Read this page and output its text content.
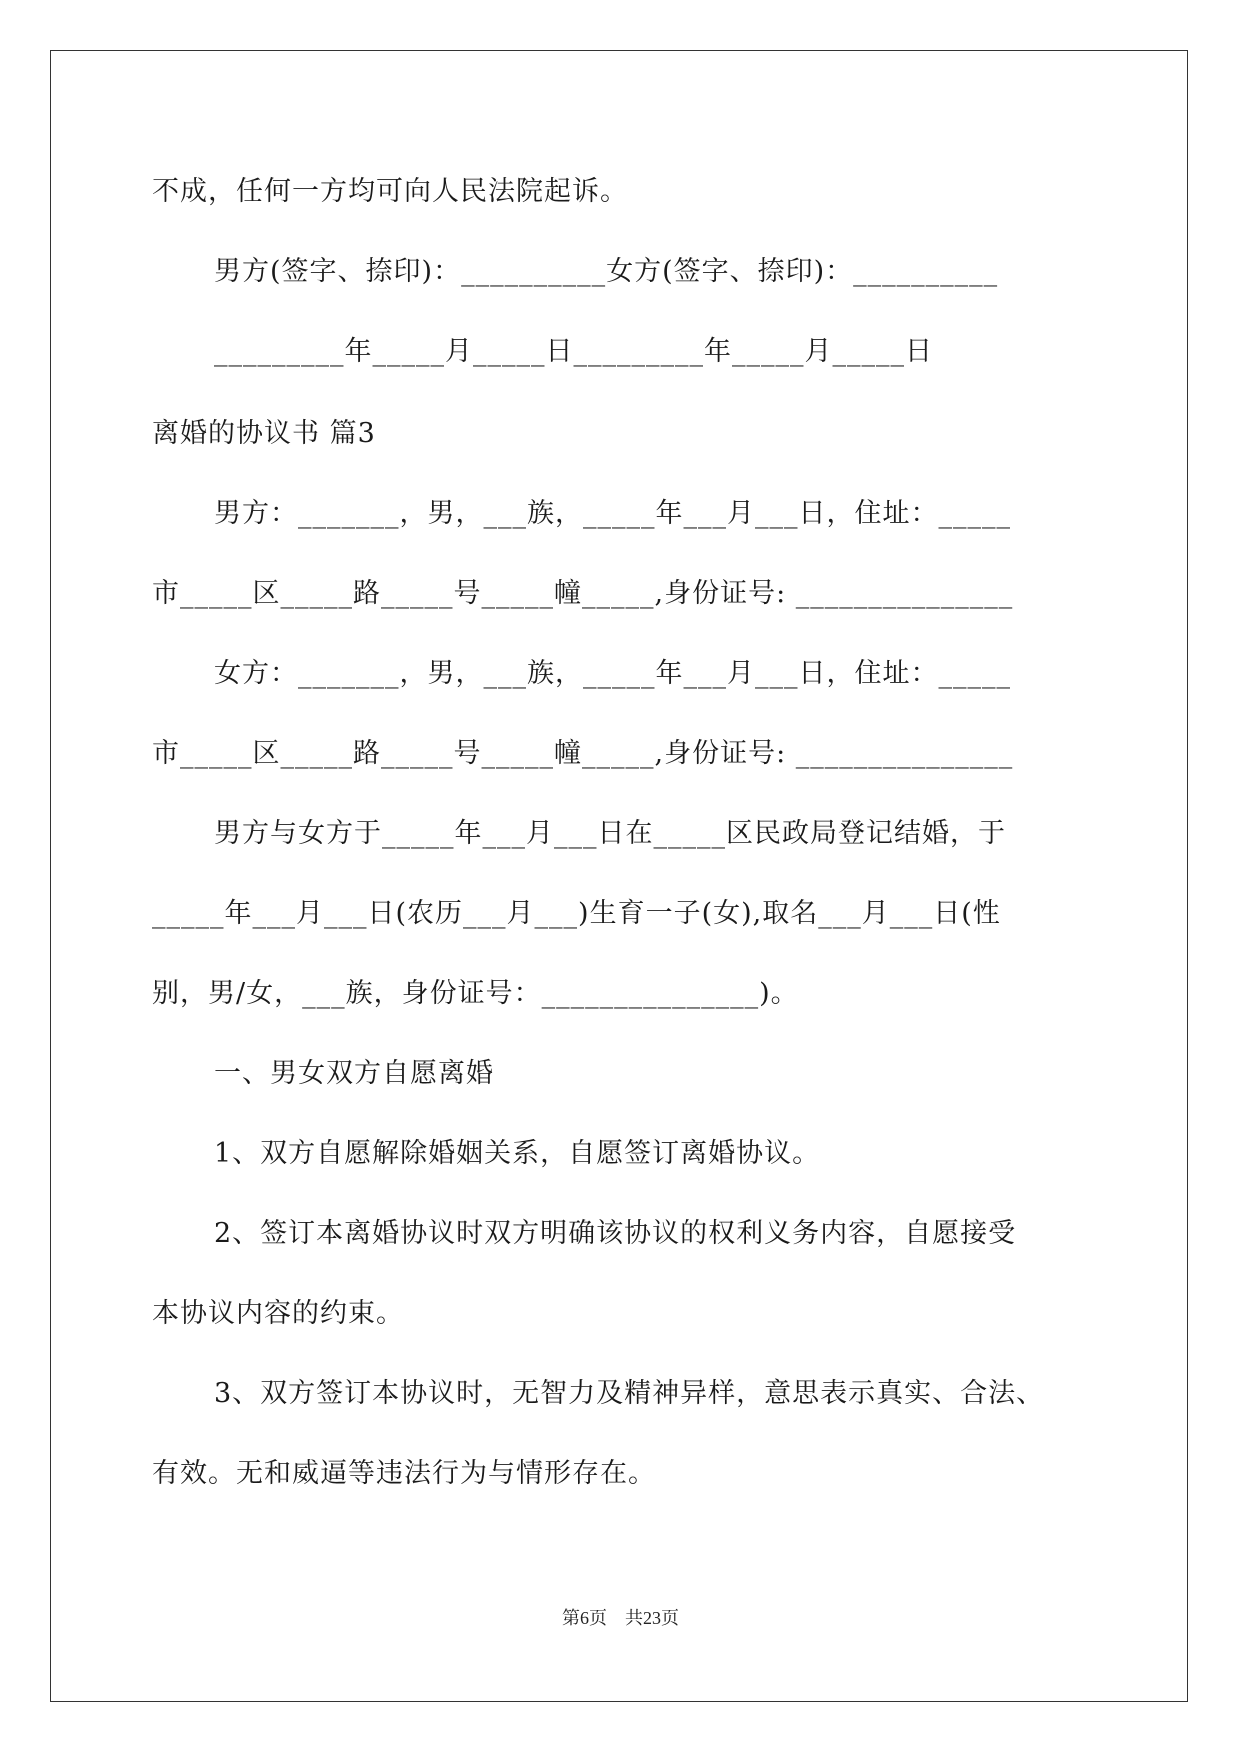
不成，任何一方均可向人民法院起诉。
男方(签字、捺印)：__________女方(签字、捺印)：__________
_________年_____月_____日_________年_____月_____日
离婚的协议书 篇3
男方：_______，男，___族，_____年___月___日，住址：_____
市_____区_____路_____号_____幢_____,身份证号: _______________
女方：_______，男，___族，_____年___月___日，住址：_____
市_____区_____路_____号_____幢_____,身份证号: _______________
男方与女方于_____年___月___日在_____区民政局登记结婚，于
_____年___月___日(农历___月___)生育一子(女),取名___月___日(性
别，男/女，___族，身份证号：_______________)。
一、男女双方自愿离婚
1、双方自愿解除婚姻关系，自愿签订离婚协议。
2、签订本离婚协议时双方明确该协议的权利义务内容，自愿接受
本协议内容的约束。
3、双方签订本协议时，无智力及精神异样，意思表示真实、合法、
有效。无和威逼等违法行为与情形存在。
第6页　共23页
